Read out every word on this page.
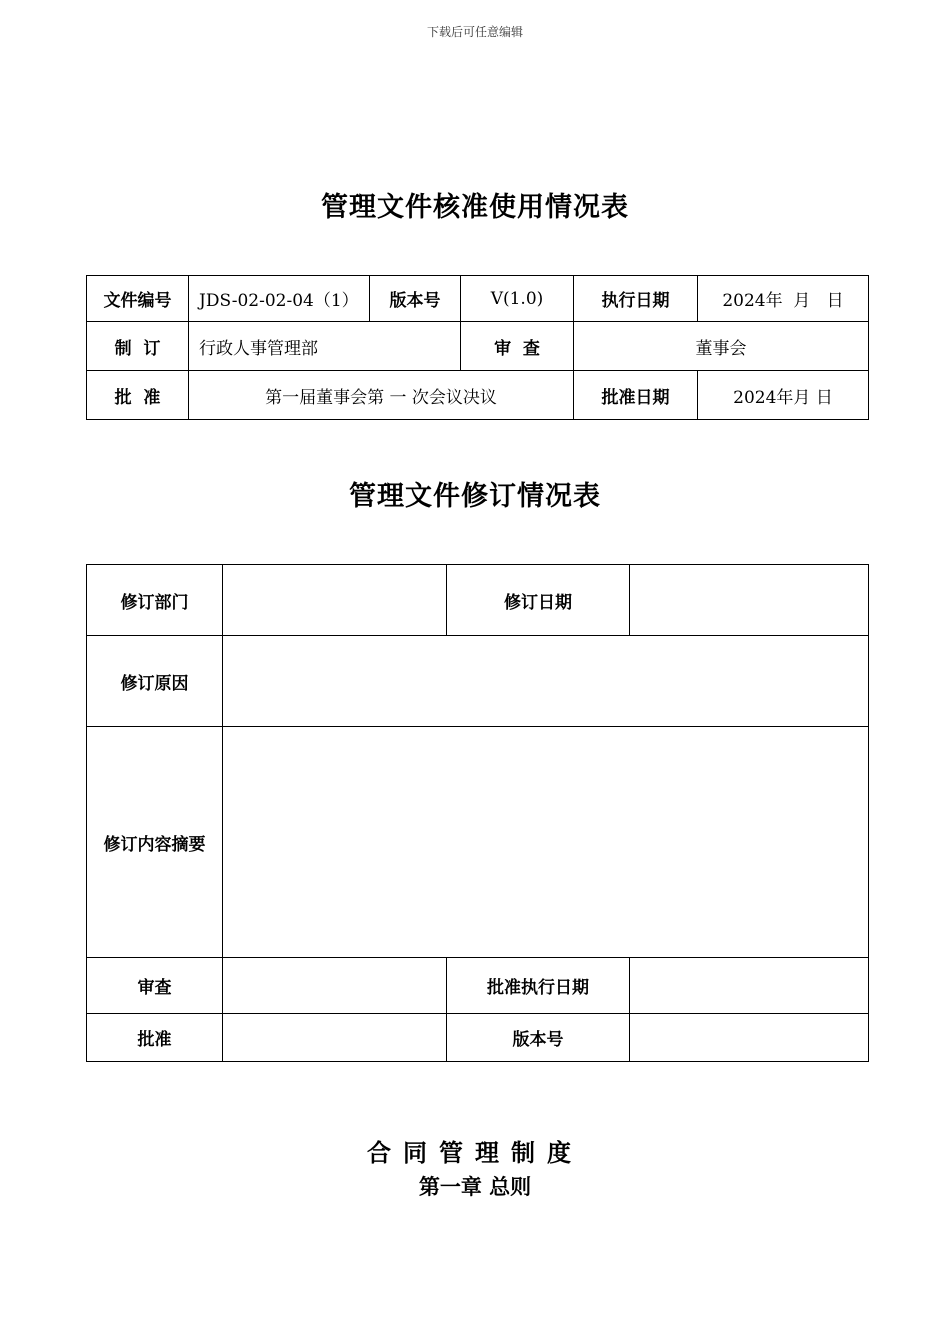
下载后可任意编辑
管理文件核准使用情况表
文件编号	JDS-02-02-04（1）	版本号	V(1.0)	执行日期	2024年  月   日
制  订	行政人事管理部		审  查	董事会	
批  准	第一届董事会第 一 次会议决议			批准日期	2024年月 日
管理文件修订情况表
修订部门		修订日期	
修订原因			
修订内容摘要			
审查		批准执行日期	
批准		版本号	
合同管理制度
第一章 总则
